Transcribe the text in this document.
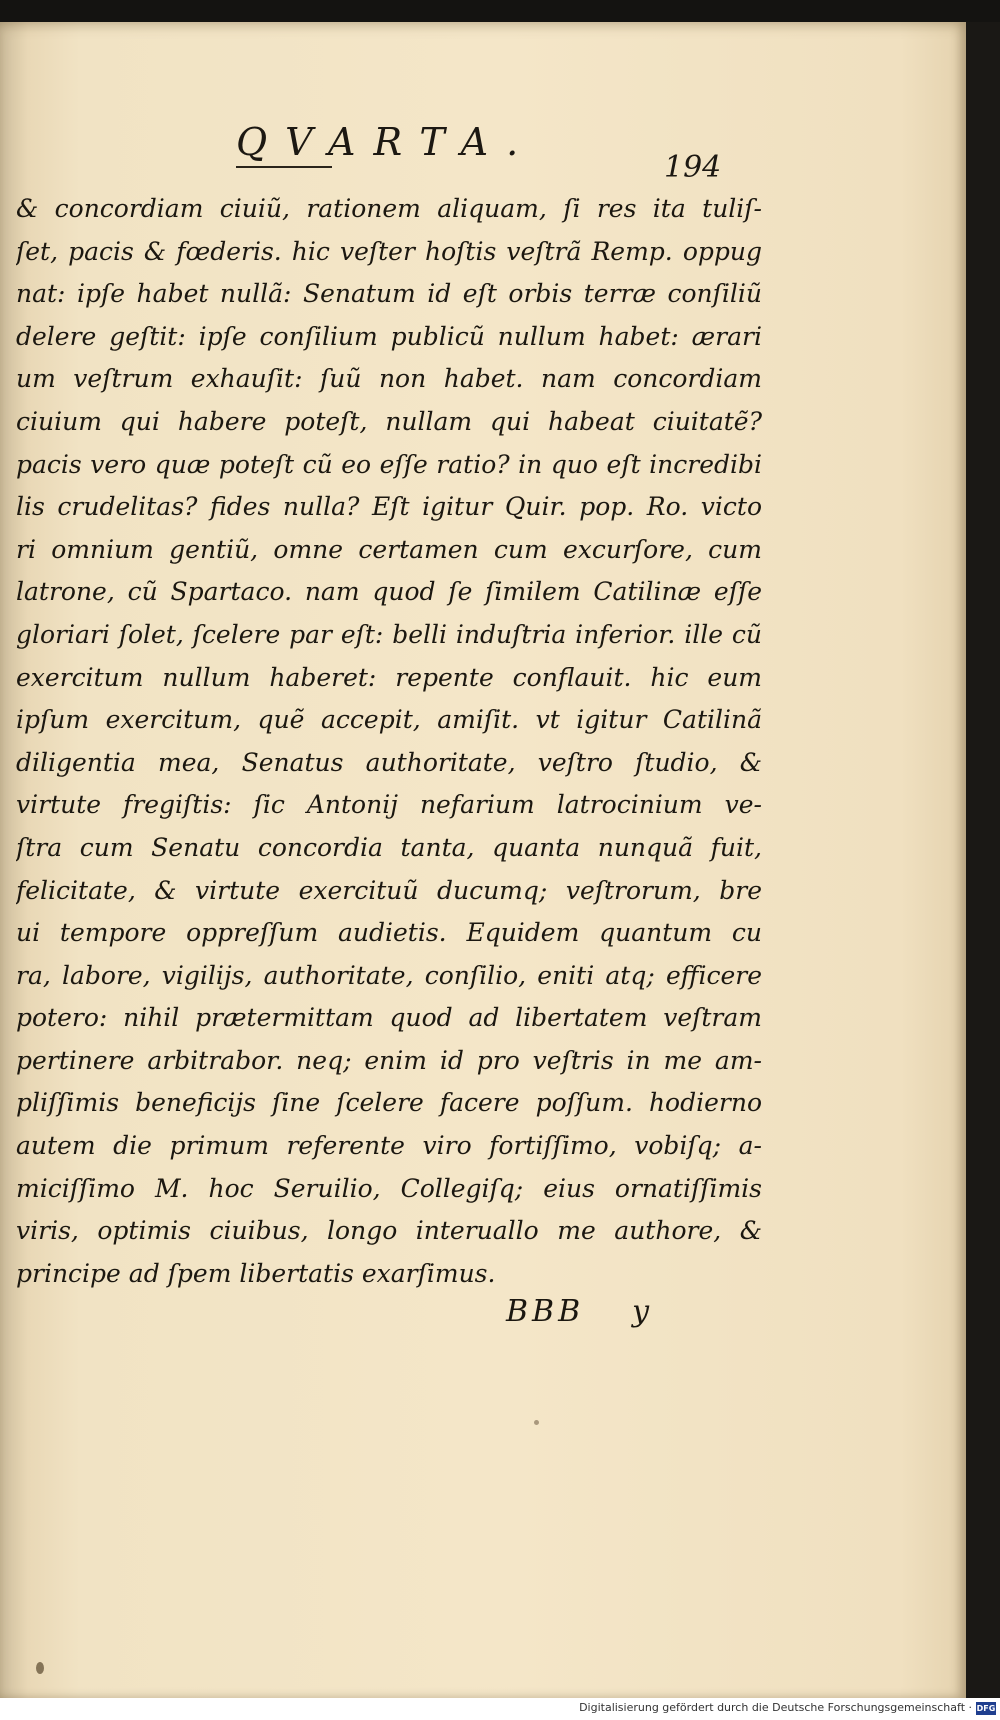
QVARTA.
194
& concordiam ciuiũ, rationem aliquam, ſi res ita tuliſ-
ſet, pacis & fœderis. hic veſter hoſtis veſtrã Remp. oppug
nat: ipſe habet nullã: Senatum id eſt orbis terræ conſiliũ
delere geſtit: ipſe conſilium publicũ nullum habet: ærari
um veſtrum exhauſit: ſuũ non habet. nam concordiam
ciuium qui habere poteſt, nullam qui habeat ciuitatẽ?
pacis vero quæ poteſt cũ eo eſſe ratio? in quo eſt incredibi
lis crudelitas? fides nulla? Eſt igitur Quir. pop. Ro. victo
ri omnium gentiũ, omne certamen cum excurſore, cum
latrone, cũ Spartaco. nam quod ſe ſimilem Catilinæ eſſe
gloriari ſolet, ſcelere par eſt: belli induſtria inferior. ille cũ
exercitum nullum haberet: repente conflauit. hic eum
ipſum exercitum, quẽ accepit, amiſit. vt igitur Catilinã
diligentia mea, Senatus authoritate, veſtro ſtudio, &
virtute fregiſtis: ſic Antonij nefarium latrocinium ve-
ſtra cum Senatu concordia tanta, quanta nunquã fuit,
felicitate, & virtute exercituũ ducumq; veſtrorum, bre
ui tempore oppreſſum audietis. Equidem quantum cu
ra, labore, vigilijs, authoritate, conſilio, eniti atq; efficere
potero: nihil prætermittam quod ad libertatem veſtram
pertinere arbitrabor. neq; enim id pro veſtris in me am-
pliſſimis beneficijs ſine ſcelere facere poſſum. hodierno
autem die primum referente viro fortiſſimo, vobiſq; a-
miciſſimo M. hoc Seruilio, Collegiſq; eius ornatiſſimis
viris, optimis ciuibus, longo interuallo me authore, &
principe ad ſpem libertatis exarſimus.
BBB y
Digitalisierung gefördert durch die Deutsche Forschungsgemeinschaft · DFG
